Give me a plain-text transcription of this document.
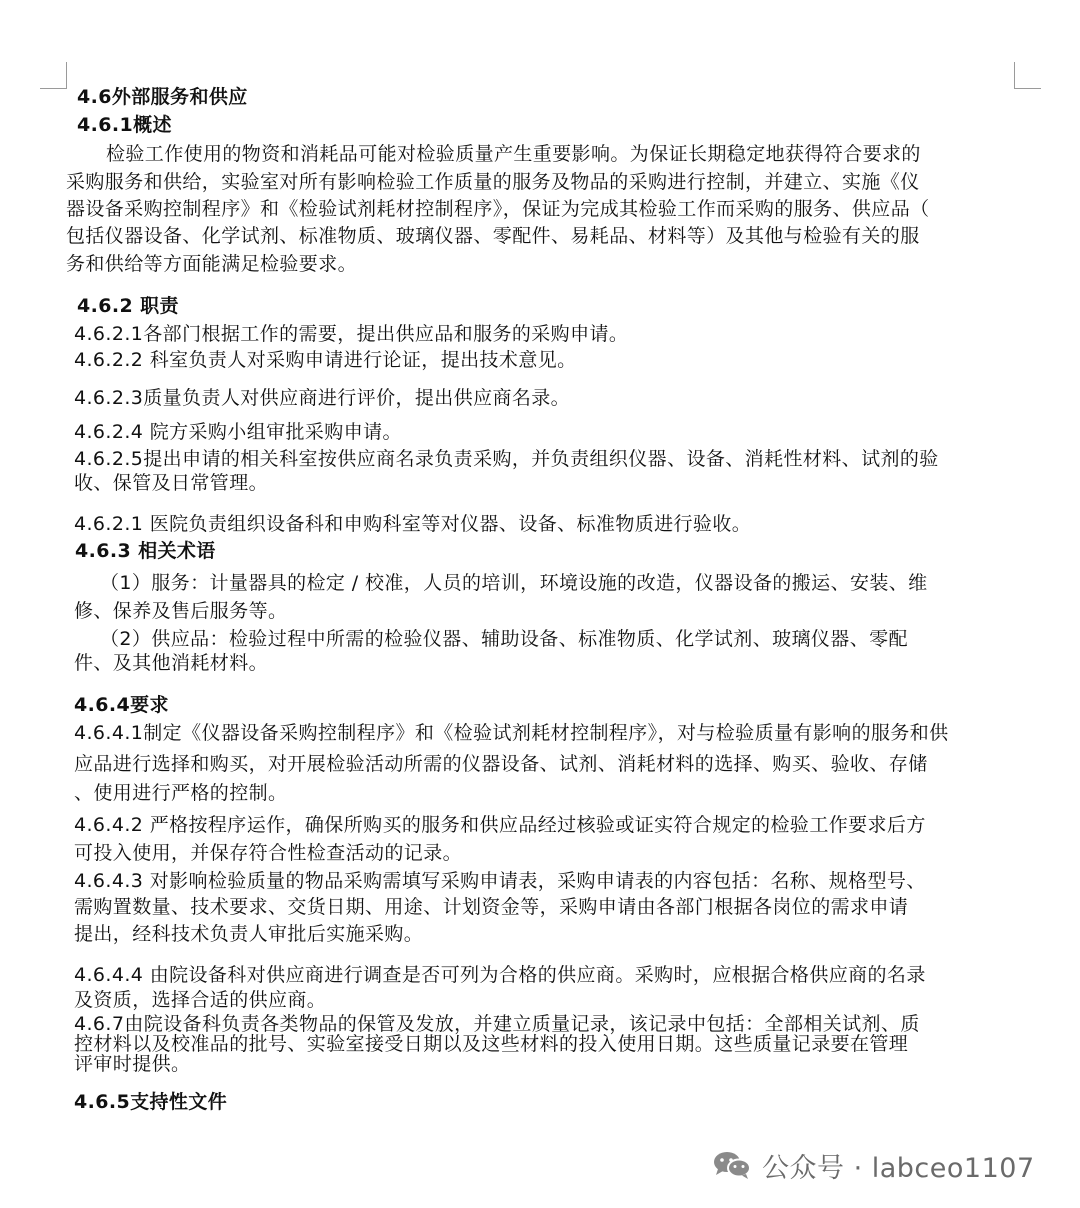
4.6外部服务和供应
4.6.1概述
检验工作使用的物资和消耗品可能对检验质量产生重要影响。为保证长期稳定地获得符合要求的
采购服务和供给，实验室对所有影响检验工作质量的服务及物品的采购进行控制，并建立、实施《仪
器设备采购控制程序》和《检验试剂耗材控制程序》，保证为完成其检验工作而采购的服务、供应品（
包括仪器设备、化学试剂、标准物质、玻璃仪器、零配件、易耗品、材料等）及其他与检验有关的服
务和供给等方面能满足检验要求。
4.6.2 职责
4.6.2.1各部门根据工作的需要，提出供应品和服务的采购申请。
4.6.2.2 科室负责人对采购申请进行论证，提出技术意见。
4.6.2.3质量负责人对供应商进行评价，提出供应商名录。
4.6.2.4 院方采购小组审批采购申请。
4.6.2.5提出申请的相关科室按供应商名录负责采购，并负责组织仪器、设备、消耗性材料、试剂的验
收、保管及日常管理。
4.6.2.1 医院负责组织设备科和申购科室等对仪器、设备、标准物质进行验收。
4.6.3 相关术语
（1）服务：计量器具的检定 / 校准，人员的培训，环境设施的改造，仪器设备的搬运、安装、维
修、保养及售后服务等。
（2）供应品：检验过程中所需的检验仪器、辅助设备、标准物质、化学试剂、玻璃仪器、零配
件、及其他消耗材料。
4.6.4要求
4.6.4.1制定《仪器设备采购控制程序》和《检验试剂耗材控制程序》，对与检验质量有影响的服务和供
应品进行选择和购买，对开展检验活动所需的仪器设备、试剂、消耗材料的选择、购买、验收、存储
、使用进行严格的控制。
4.6.4.2 严格按程序运作，确保所购买的服务和供应品经过核验或证实符合规定的检验工作要求后方
可投入使用，并保存符合性检查活动的记录。
4.6.4.3 对影响检验质量的物品采购需填写采购申请表，采购申请表的内容包括：名称、规格型号、
需购置数量、技术要求、交货日期、用途、计划资金等，采购申请由各部门根据各岗位的需求申请
提出，经科技术负责人审批后实施采购。
4.6.4.4 由院设备科对供应商进行调查是否可列为合格的供应商。采购时，应根据合格供应商的名录
及资质，选择合适的供应商。
4.6.7由院设备科负责各类物品的保管及发放，并建立质量记录，该记录中包括：全部相关试剂、质
控材料以及校准品的批号、实验室接受日期以及这些材料的投入使用日期。这些质量记录要在管理
评审时提供。
4.6.5支持性文件
公众号 · labceo1107
